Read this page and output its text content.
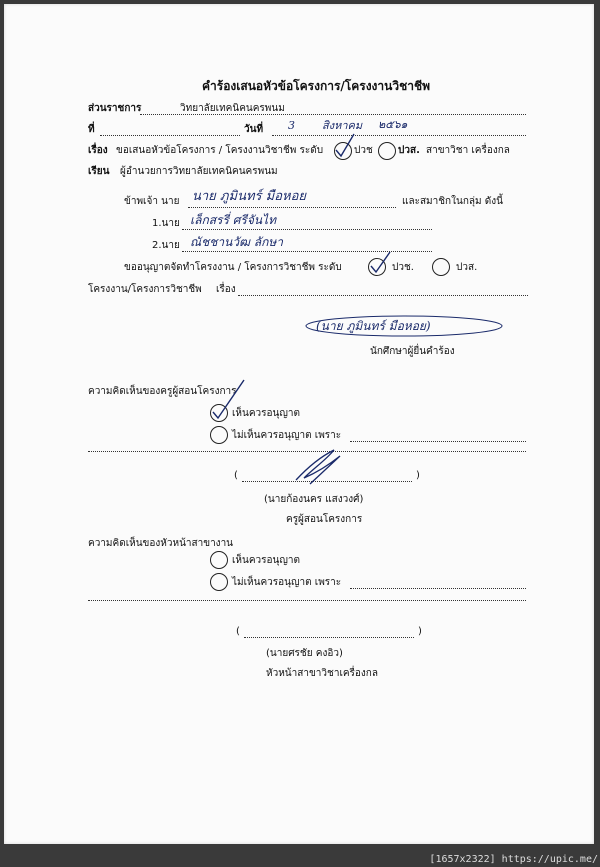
คำร้องเสนอหัวข้อโครงการ/โครงงานวิชาชีพ
ส่วนราชการ	วิทยาลัยเทคนิคนครพนม
ที่	วันที่ 3 สิงหาคม ๒๕๖๑
เรื่อง ขอเสนอหัวข้อโครงการ / โครงงานวิชาชีพ ระดับ	ปวช	ปวส. สาขาวิชา เครื่องกล
เรียน ผู้อำนวยการวิทยาลัยเทคนิคนครพนม
ข้าพเจ้า นาย นาย ภูมินทร์ มือหอย	และสมาชิกในกลุ่ม ดังนี้
1.นาย เล็กสรรี่ ศรีจันไท
2.นาย ณัชชานวัฒ ลักษา
ขออนุญาตจัดทำโครงงาน / โครงการวิชาชีพ ระดับ	ปวช.	ปวส.
โครงงาน/โครงการวิชาชีพ เรื่อง
(นาย ภูมินทร์ มือหอย)
นักศึกษาผู้ยื่นคำร้อง
ความคิดเห็นของครูผู้สอนโครงการ
เห็นควรอนุญาต
ไม่เห็นควรอนุญาต เพราะ
(	)
(นายก้องนคร แสงวงศ์)
ครูผู้สอนโครงการ
ความคิดเห็นของหัวหน้าสาขางาน
เห็นควรอนุญาต
ไม่เห็นควรอนุญาต เพราะ
(	)
(นายศรชัย คงอิว)
หัวหน้าสาขาวิชาเครื่องกล
[1657x2322] https://upic.me/
